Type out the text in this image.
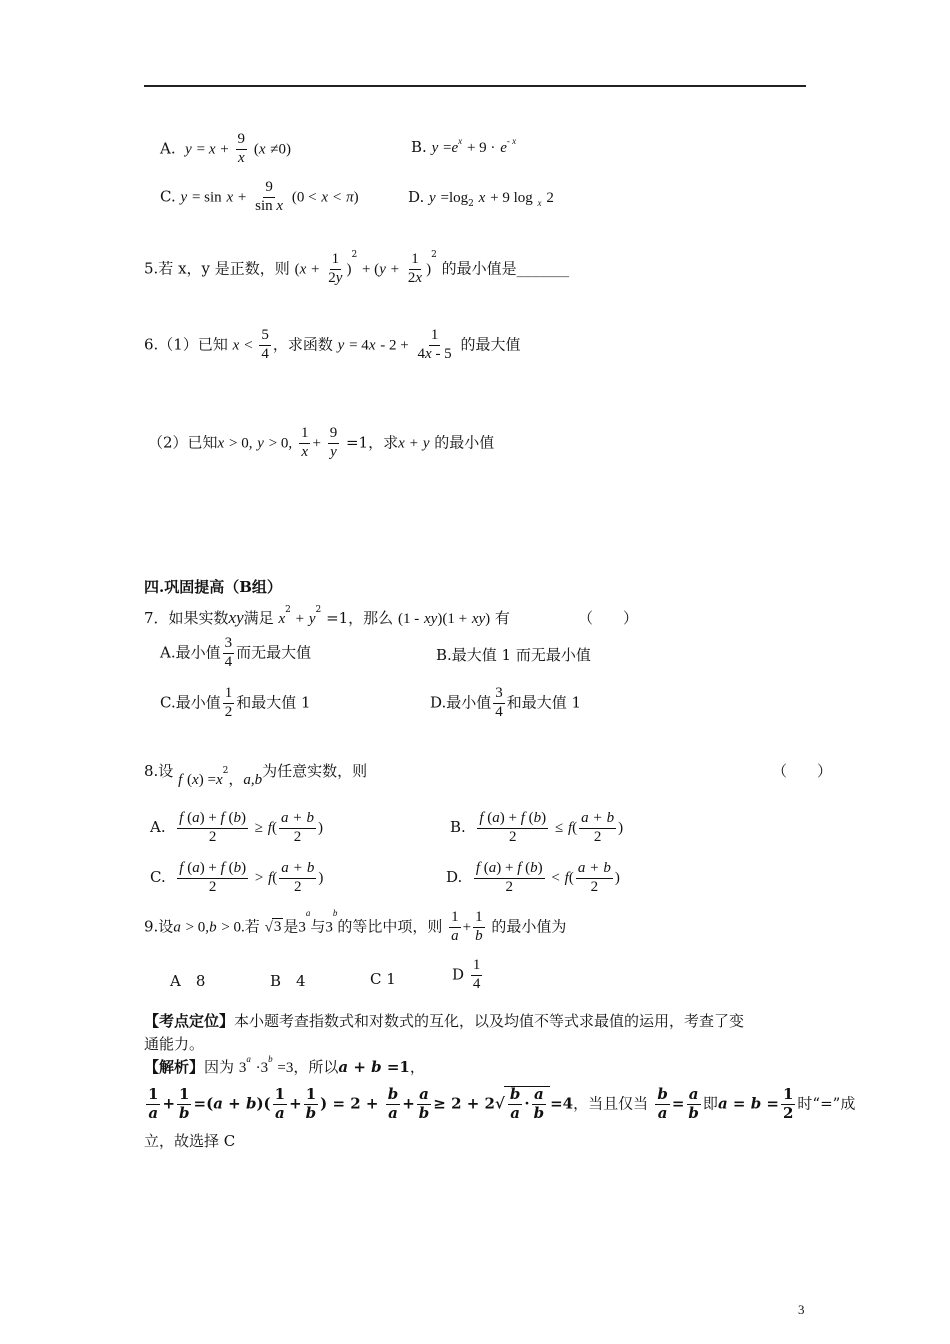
A. $y = x + \frac{9}{x} (x \ne 0)$	B. $y =e^x + 9 \cdot e^{- x}$
C. $y = \sin x + \frac{9}{\text{sin x}} (0 < x < \pi)$	D. $y =\log_2$ x + 9 log $_x$ 2
5.若 x，y 是正数，则 $(x + \frac{1}{2y} )^2 + (y + \frac{1}{2x} )^2$ 的最小值是_______
6.（1）已知 $x < \frac{5}{4}$ ，求函数 $y = 4x - 2 + \frac{1}{4x - 5}$ 的最大值
（2）已知x > 0, y > 0, $\frac{1}{x} + \frac{9}{y} =1$，求x + y 的最小值
四.巩固提高（B组）
7．如果实数xy满足 $x^2 + y^2 =1$，那么 (1 - xy)(1 + xy) 有	（　　）
A.最小值 $\frac{3}{4}$ 而无最大值	B.最大值 1 而无最小值
C.最小值 $\frac{1}{2}$ 和最大值 1	D.最小值 $\frac{3}{4}$ 和最大值 1
8.设 f $(x) =x^2$，a,b为任意实数，则	（　　）
A. $\frac{f (a) + f (b)}{2} \ge f( \frac{a + b}{2}$ )	B. $\frac{f (a) + f (b)}{2} \le f( \frac{a + b}{2}$ )
C. $\frac{f (a) + f (b)}{2} > f( \frac{a + b}{2}$ )	D. $\frac{f (a) + f (b)}{2} < f( \frac{a + b}{2}$ )
9.设a > 0,b > 0.若 √3 是3$^a$与3$^b$的等比中项，则 $\frac{1}{a} + \frac{1}{b}$ 的最小值为
A　8	B　4	C 1	D $\frac{1}{4}$
【考点定位】本小题考查指数式和对数式的互化，以及均值不等式求最值的运用，考查了变
通能力。
【解析】因为 $3^a \cdot 3^b =3$，所以a + b =1，
$\frac{1}{a} + \frac{1}{b} =(a + b)( \frac{1}{a} + \frac{1}{b}$ ) = $2 + \frac{b}{a} + \frac{a}{b} \ge 2 + 2√ \frac{b}{a} \cdot \frac{a}{b} =4$，当且仅当 $\frac{b}{a} = \frac{a}{b}$ 即$a = b = \frac{1}{2}$ 时“=”成
立，故选择 C
3
